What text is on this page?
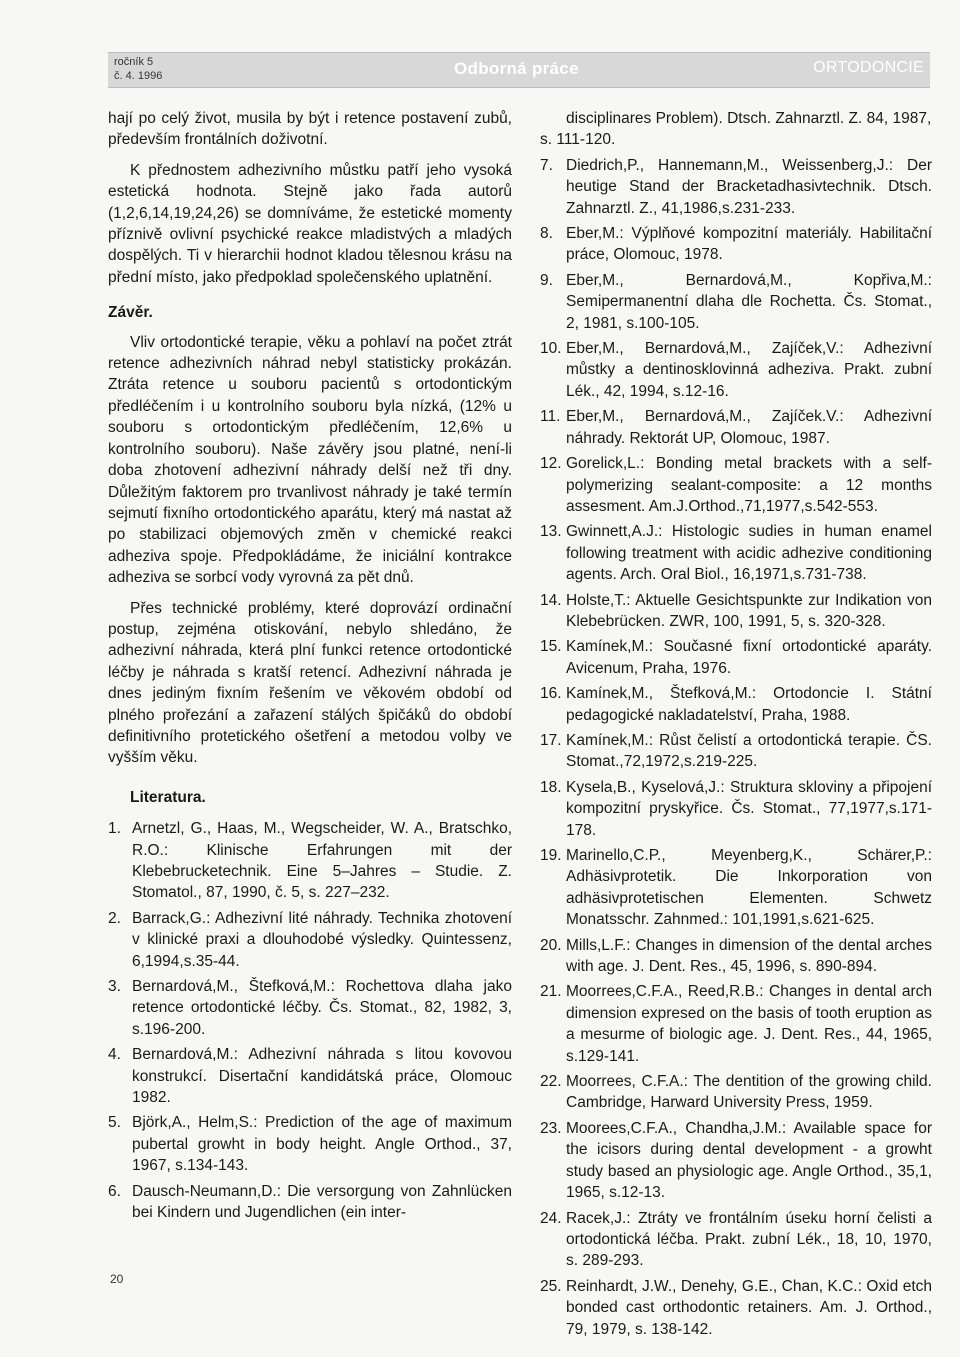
ročník 5
č. 4. 1996	Odborná práce	ORTODONCIE

hají po celý život, musila by být i retence postavení zubů, především frontálních doživotní.

K přednostem adhezivního můstku patří jeho vysoká estetická hodnota. Stejně jako řada autorů (1,2,6,14,19,24,26) se domníváme, že estetické momenty příznivě ovlivní psychické reakce mladistvých a mladých dospělých. Ti v hierarchii hodnot kladou tělesnou krásu na přední místo, jako předpoklad společenského uplatnění.

Závěr.

Vliv ortodontické terapie, věku a pohlaví na počet ztrát retence adhezivních náhrad nebyl statisticky prokázán. Ztráta retence u souboru pacientů s ortodontickým předléčením i u kontrolního souboru byla nízká, (12% u souboru s ortodontickým předléčením, 12,6% u kontrolního souboru). Naše závěry jsou platné, není-li doba zhotovení adhezivní náhrady delší než tři dny. Důležitým faktorem pro trvanlivost náhrady je také termín sejmutí fixního ortodontického aparátu, který má nastat až po stabilizaci objemových změn v chemické reakci adheziva spoje. Předpokládáme, že iniciální kontrakce adheziva se sorbcí vody vyrovná za pět dnů.

Přes technické problémy, které doprovází ordinační postup, zejména otiskování, nebylo shledáno, že adhezivní náhrada, která plní funkci retence ortodontické léčby je náhrada s kratší retencí. Adhezivní náhrada je dnes jediným fixním řešením ve věkovém období od plného prořezání a zařazení stálých špičáků do období definitivního protetického ošetření a metodou volby ve vyšším věku.

Literatura.
1. Arnetzl, G., Haas, M., Wegscheider, W. A., Bratschko, R.O.: Klinische Erfahrungen mit der Klebebrucketechnik. Eine 5–Jahres – Studie. Z. Stomatol., 87, 1990, č. 5, s. 227–232.
2. Barrack,G.: Adhezivní lité náhrady. Technika zhotovení v klinické praxi a dlouhodobé výsledky. Quintessenz, 6,1994,s.35-44.
3. Bernardová,M., Štefková,M.: Rochettova dlaha jako retence ortodontické léčby. Čs. Stomat., 82, 1982, 3, s.196-200.
4. Bernardová,M.: Adhezivní náhrada s litou kovovou konstrukcí. Disertační kandidátská práce, Olomouc 1982.
5. Björk,A., Helm,S.: Prediction of the age of maximum pubertal growht in body height. Angle Orthod., 37, 1967, s.134-143.
6. Dausch-Neumann,D.: Die versorgung von Zahnlücken bei Kindern und Jugendlichen (ein inter-
disciplinares Problem). Dtsch. Zahnarztl. Z. 84, 1987, s. 111-120.
7. Diedrich,P., Hannemann,M., Weissenberg,J.: Der heutige Stand der Bracketadhasivtechnik. Dtsch. Zahnarztl. Z., 41,1986,s.231-233.
8. Eber,M.: Výplňové kompozitní materiály. Habilitační práce, Olomouc, 1978.
9. Eber,M., Bernardová,M., Kopřiva,M.: Semipermanentní dlaha dle Rochetta. Čs. Stomat., 2, 1981, s.100-105.
10. Eber,M., Bernardová,M., Zajíček,V.: Adhezivní můstky a dentinosklovinná adheziva. Prakt. zubní Lék., 42, 1994, s.12-16.
11. Eber,M., Bernardová,M., Zajíček.V.: Adhezivní náhrady. Rektorát UP, Olomouc, 1987.
12. Gorelick,L.: Bonding metal brackets with a self-polymerizing sealant-composite: a 12 months assesment. Am.J.Orthod.,71,1977,s.542-553.
13. Gwinnett,A.J.: Histologic sudies in human enamel following treatment with acidic adhezive conditioning agents. Arch. Oral Biol., 16,1971,s.731-738.
14. Holste,T.: Aktuelle Gesichtspunkte zur Indikation von Klebebrücken. ZWR, 100, 1991, 5, s. 320-328.
15. Kamínek,M.: Současné fixní ortodontické aparáty. Avicenum, Praha, 1976.
16. Kamínek,M., Štefková,M.: Ortodoncie I. Státní pedagogické nakladatelství, Praha, 1988.
17. Kamínek,M.: Růst čelistí a ortodontická terapie. ČS. Stomat.,72,1972,s.219-225.
18. Kysela,B., Kyselová,J.: Struktura skloviny a připojení kompozitní pryskyřice. Čs. Stomat., 77,1977,s.171-178.
19. Marinello,C.P., Meyenberg,K., Schärer,P.: Adhäsivprotetik. Die Inkorporation von adhäsivprotetischen Elementen. Schwetz Monatsschr. Zahnmed.: 101,1991,s.621-625.
20. Mills,L.F.: Changes in dimension of the dental arches with age. J. Dent. Res., 45, 1996, s. 890-894.
21. Moorrees,C.F.A., Reed,R.B.: Changes in dental arch dimension expresed on the basis of tooth eruption as a mesurme of biologic age. J. Dent. Res., 44, 1965, s.129-141.
22. Moorrees, C.F.A.: The dentition of the growing child. Cambridge, Harward University Press, 1959.
23. Moorees,C.F.A., Chandha,J.M.: Available space for the icisors during dental development - a growht study based an physiologic age. Angle Orthod., 35,1, 1965, s.12-13.
24. Racek,J.: Ztráty ve frontálním úseku horní čelisti a ortodontická léčba. Prakt. zubní Lék., 18, 10, 1970, s. 289-293.
25. Reinhardt, J.W., Denehy, G.E., Chan, K.C.: Oxid etch bonded cast orthodontic retainers. Am. J. Orthod., 79, 1979, s. 138-142.
20
